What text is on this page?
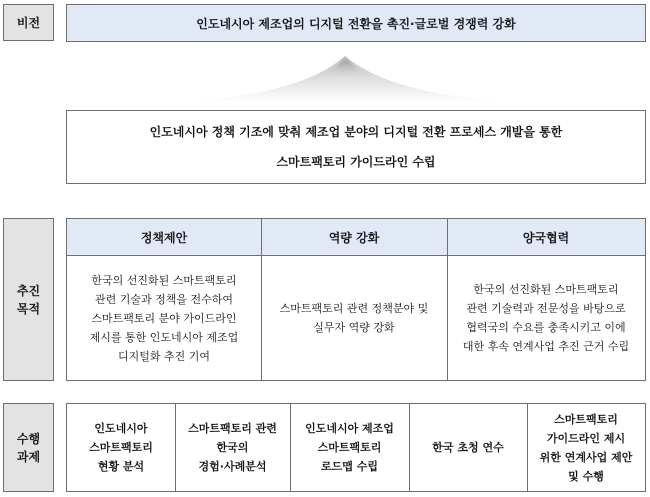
비전
추진
목적
수행
과제
인도네시아 제조업의 디지털 전환을 촉진·글로벌 경쟁력 강화
인도네시아 정책 기조에 맞춰 제조업 분야의 디지털 전환 프로세스 개발을 통한
스마트팩토리 가이드라인 수립
정책제안	역량 강화	양국협력
한국의 선진화된 스마트팩토리
관련 기술과 정책을 전수하여
스마트팩토리 분야 가이드라인
제시를 통한 인도네시아 제조업
디지털화 추진 기여
스마트팩토리 관련 정책분야 및
실무자 역량 강화
한국의 선진화된 스마트팩토리
관련 기술력과 전문성을 바탕으로
협력국의 수요를 충족시키고 이에
대한 후속 연계사업 추진 근거 수립
인도네시아
스마트팩토리
현황 분석
스마트팩토리 관련
한국의
경험·사례분석
인도네시아 제조업
스마트팩토리
로드맵 수립
한국 초청 연수
스마트팩토리
가이드라인 제시
위한 연계사업 제안
및 수행
